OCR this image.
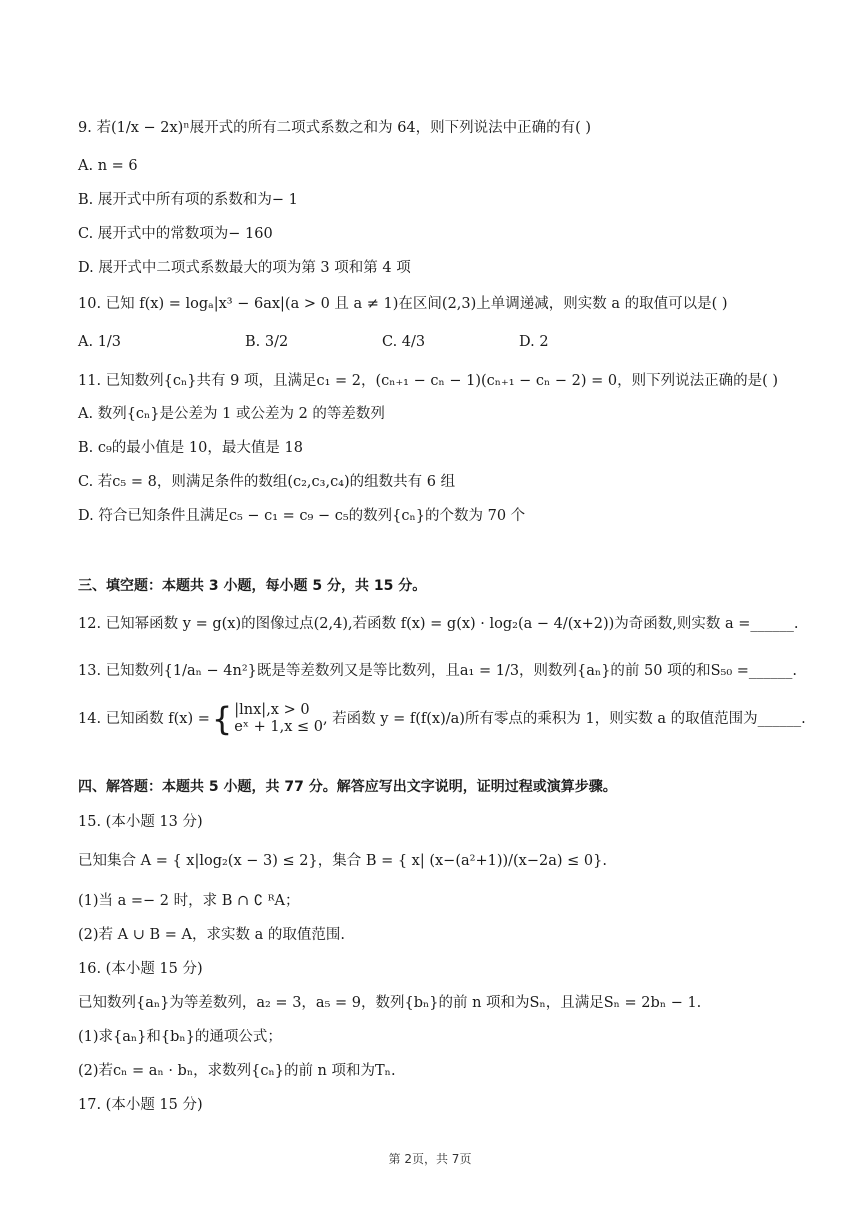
9. 若(1/x − 2x)ⁿ展开式的所有二项式系数之和为 64，则下列说法中正确的有( )
A. n = 6
B. 展开式中所有项的系数和为− 1
C. 展开式中的常数项为− 160
D. 展开式中二项式系数最大的项为第 3 项和第 4 项
10. 已知 f(x) = logₐ|x³ − 6ax|(a > 0 且 a ≠ 1)在区间(2,3)上单调递减，则实数 a 的取值可以是( )
A. 1/3	B. 3/2	C. 4/3	D. 2
11. 已知数列{cₙ}共有 9 项，且满足c₁ = 2，(cₙ₊₁ − cₙ − 1)(cₙ₊₁ − cₙ − 2) = 0，则下列说法正确的是( )
A. 数列{cₙ}是公差为 1 或公差为 2 的等差数列
B. c₉的最小值是 10，最大值是 18
C. 若c₅ = 8，则满足条件的数组(c₂,c₃,c₄)的组数共有 6 组
D. 符合已知条件且满足c₅ − c₁ = c₉ − c₅的数列{cₙ}的个数为 70 个
三、填空题：本题共 3 小题，每小题 5 分，共 15 分。
12. 已知幂函数 y = g(x)的图像过点(2,4),若函数 f(x) = g(x) · log₂(a − 4/(x+2))为奇函数,则实数 a =______.
13. 已知数列{1/aₙ − 4n²}既是等差数列又是等比数列，且a₁ = 1/3，则数列{aₙ}的前 50 项的和S₅₀ =______.
14. 已知函数 f(x) = { |lnx|,x > 0
eˣ + 1,x ≤ 0 , 若函数 y = f(f(x)/a)所有零点的乘积为 1，则实数 a 的取值范围为______.
四、解答题：本题共 5 小题，共 77 分。解答应写出文字说明，证明过程或演算步骤。
15. (本小题 13 分)
已知集合 A = { x|log₂(x − 3) ≤ 2}，集合 B = { x| (x−(a²+1))/(x−2a) ≤ 0}.
(1)当 a =− 2 时，求 B ∩ ∁ ᴿA；
(2)若 A ∪ B = A，求实数 a 的取值范围.
16. (本小题 15 分)
已知数列{aₙ}为等差数列，a₂ = 3，a₅ = 9，数列{bₙ}的前 n 项和为Sₙ，且满足Sₙ = 2bₙ − 1.
(1)求{aₙ}和{bₙ}的通项公式；
(2)若cₙ = aₙ · bₙ，求数列{cₙ}的前 n 项和为Tₙ.
17. (本小题 15 分)
第 2页，共 7页
